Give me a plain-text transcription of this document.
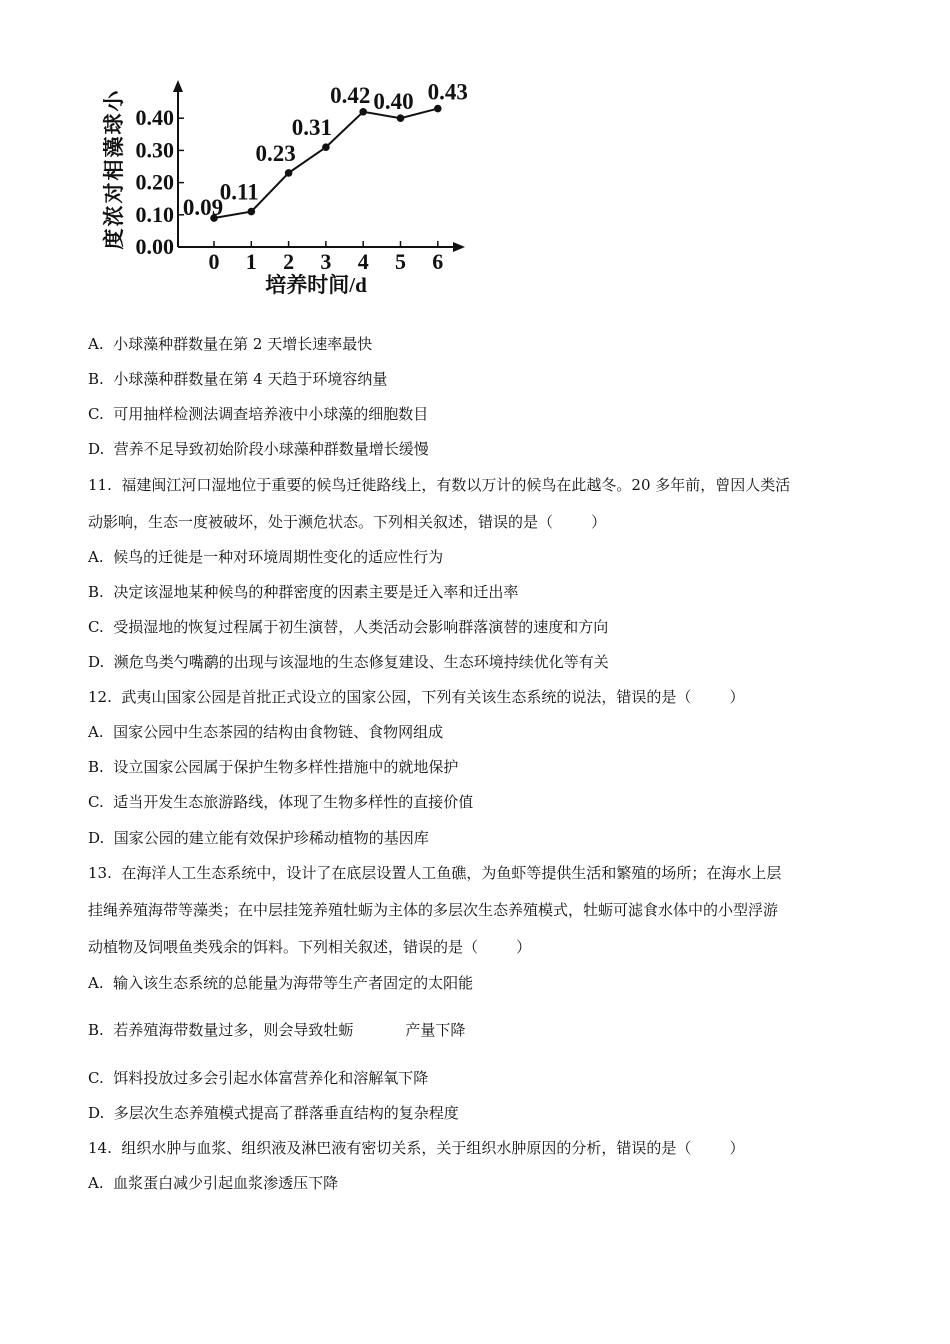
小
球
藻
相
对
浓
度 0.00
0.10
0.20
0.30
0.40
0 1 2 3 4 5 6
0.09
0.11
0.23
0.31
0.42 0.40 0.43
培养时间/d
A.  小球藻种群数量在第 2 天增长速率最快
B.  小球藻种群数量在第 4 天趋于环境容纳量
C.  可用抽样检测法调查培养液中小球藻的细胞数目
D.  营养不足导致初始阶段小球藻种群数量增长缓慢
11.  福建闽江河口湿地位于重要的候鸟迁徙路线上，有数以万计的候鸟在此越冬。20 多年前，曾因人类活
动影响，生态一度被破坏，处于濒危状态。下列相关叙述，错误的是（        ）
A.  候鸟的迁徙是一种对环境周期性变化的适应性行为
B.  决定该湿地某种候鸟的种群密度的因素主要是迁入率和迁出率
C.  受损湿地的恢复过程属于初生演替，人类活动会影响群落演替的速度和方向
D.  濒危鸟类勺嘴鹬的出现与该湿地的生态修复建设、生态环境持续优化等有关
12.  武夷山国家公园是首批正式设立的国家公园，下列有关该生态系统的说法，错误的是（        ）
A.  国家公园中生态茶园的结构由食物链、食物网组成
B.  设立国家公园属于保护生物多样性措施中的就地保护
C.  适当开发生态旅游路线，体现了生物多样性的直接价值
D.  国家公园的建立能有效保护珍稀动植物的基因库
13.  在海洋人工生态系统中，设计了在底层设置人工鱼礁，为鱼虾等提供生活和繁殖的场所；在海水上层
挂绳养殖海带等藻类；在中层挂笼养殖牡蛎为主体的多层次生态养殖模式，牡蛎可滤食水体中的小型浮游
动植物及饲喂鱼类残余的饵料。下列相关叙述，错误的是（        ）
A.  输入该生态系统的总能量为海带等生产者固定的太阳能
B.  若养殖海带数量过多，则会导致牡蛎	产量下降
C.  饵料投放过多会引起水体富营养化和溶解氧下降
D.  多层次生态养殖模式提高了群落垂直结构的复杂程度
14.  组织水肿与血浆、组织液及淋巴液有密切关系，关于组织水肿原因的分析，错误的是（        ）
A.  血浆蛋白减少引起血浆渗透压下降
